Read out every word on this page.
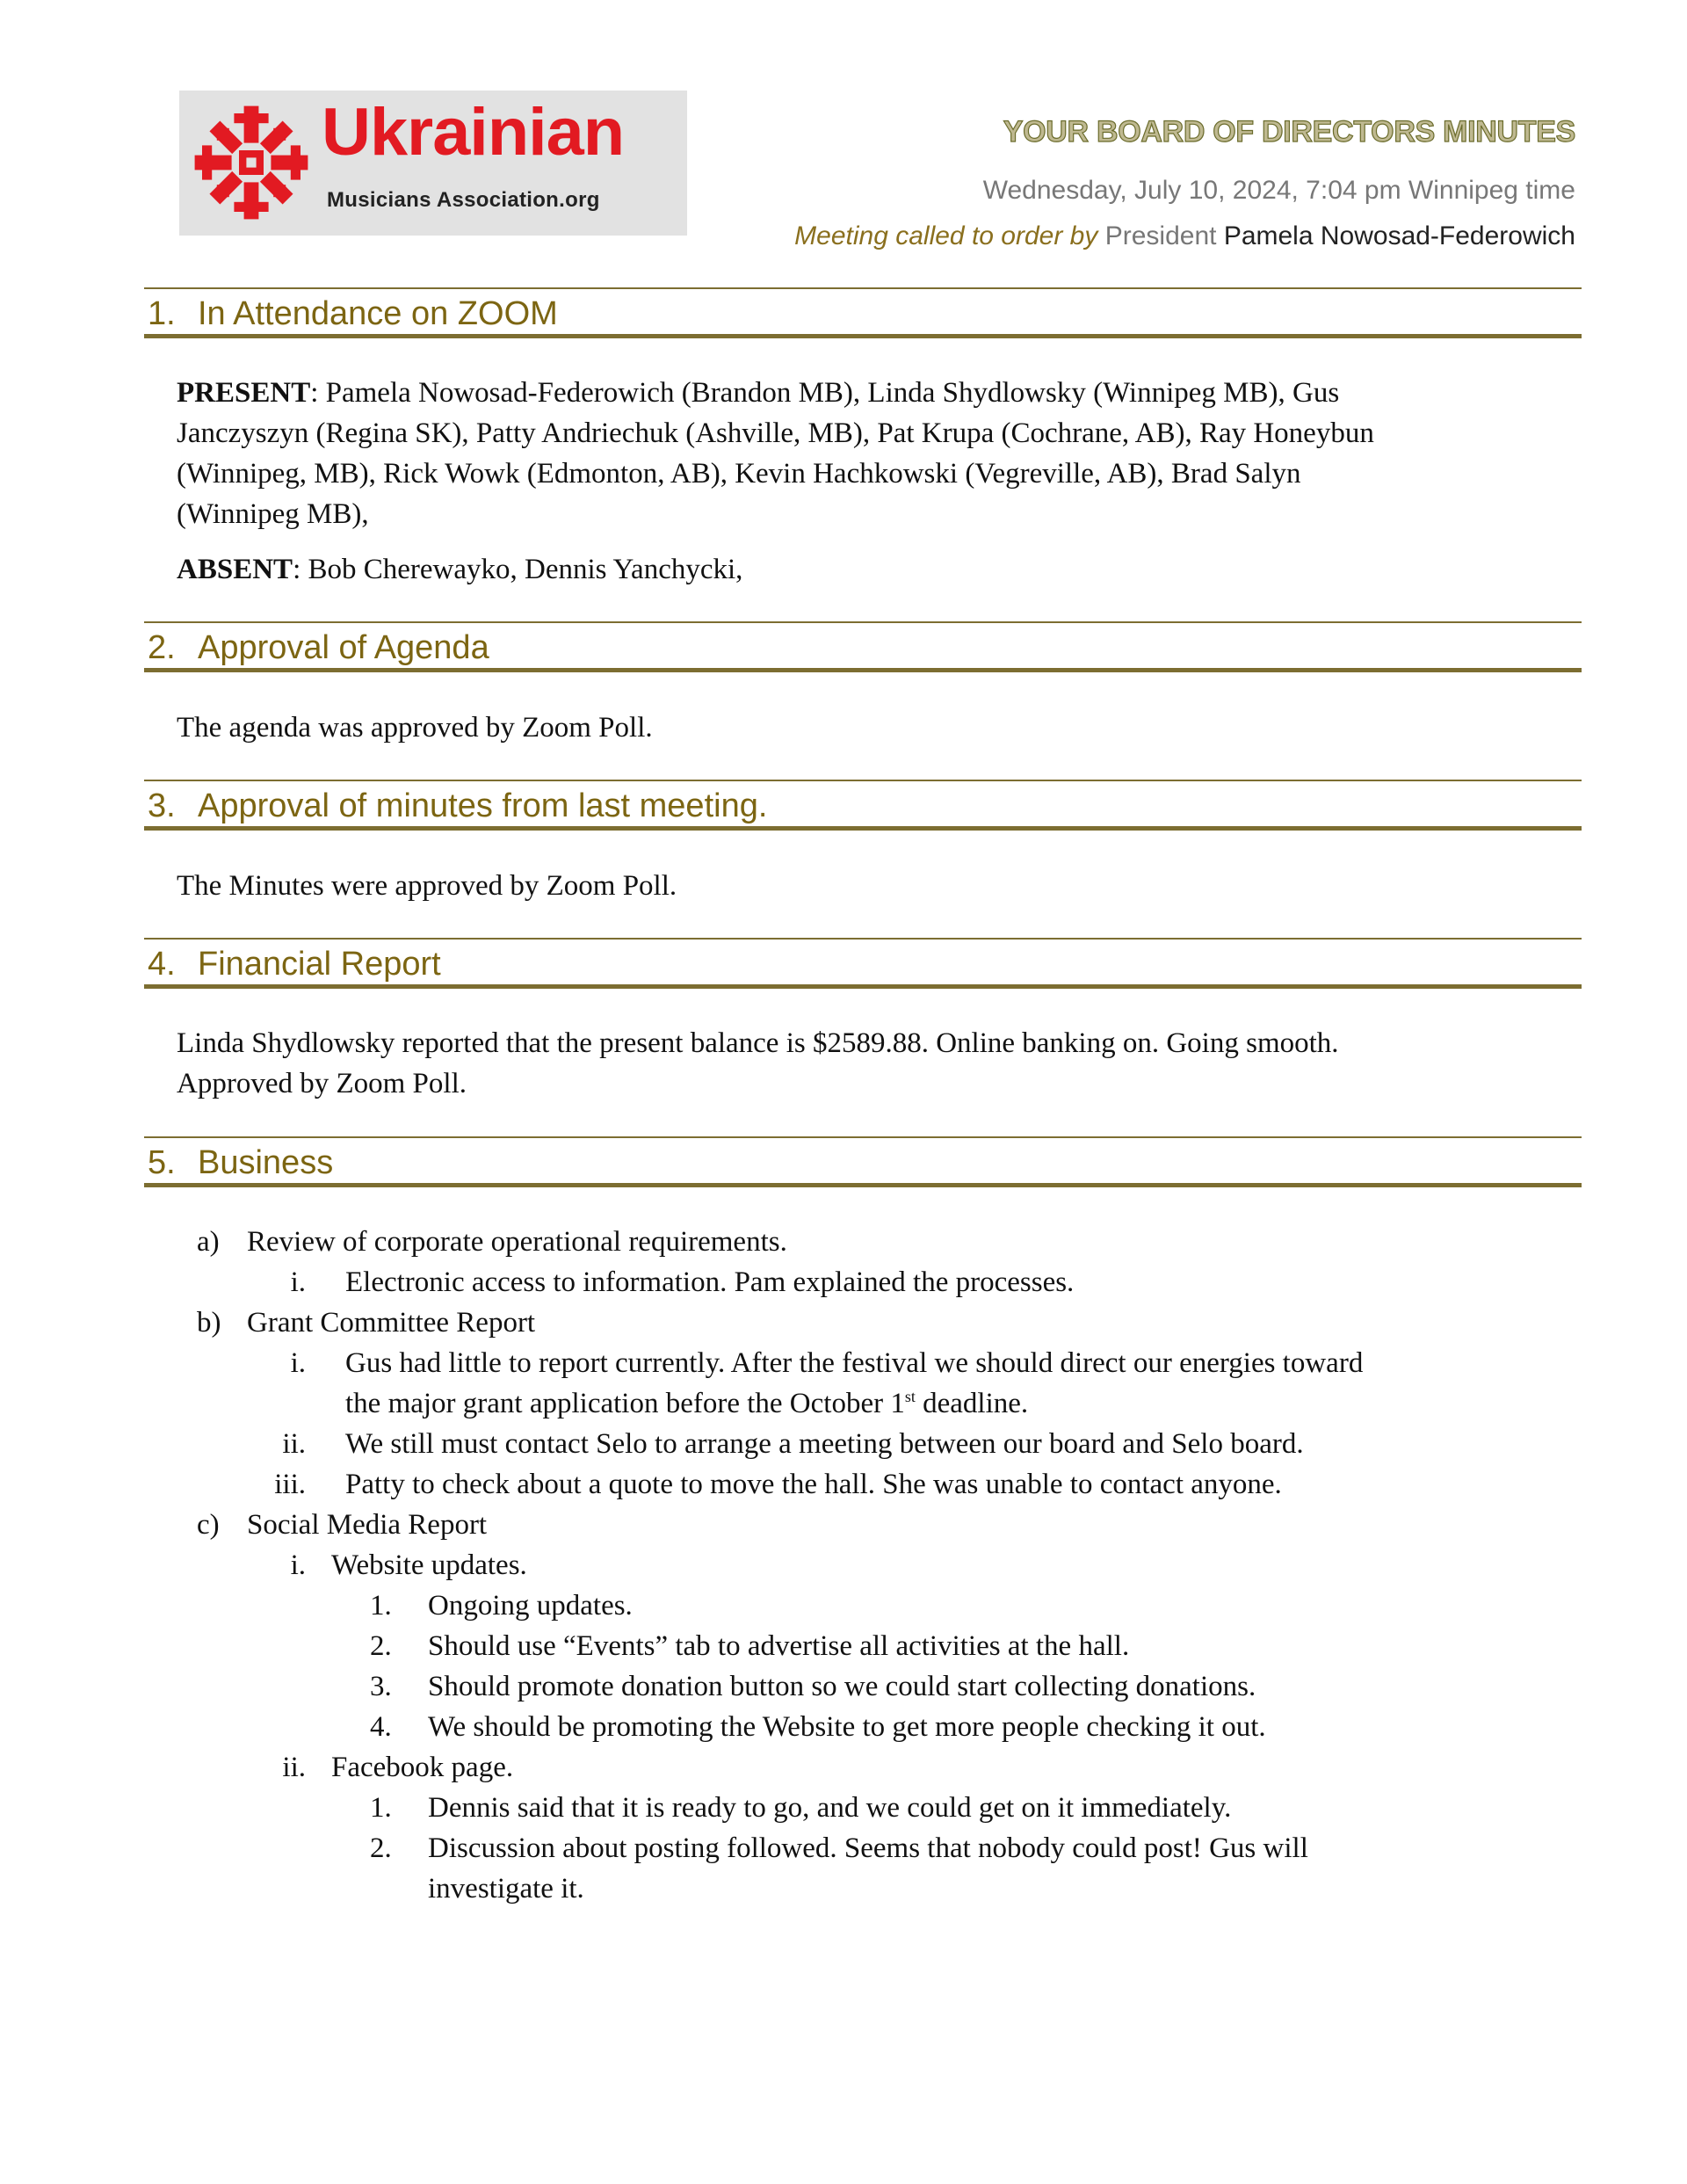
Ukrainian
Musicians Association.org
YOUR BOARD OF DIRECTORS MINUTES
Wednesday, July 10, 2024, 7:04 pm Winnipeg time
Meeting called to order by President Pamela Nowosad-Federowich
1. In Attendance on ZOOM
PRESENT: Pamela Nowosad-Federowich (Brandon MB), Linda Shydlowsky (Winnipeg MB), Gus
Janczyszyn (Regina SK), Patty Andriechuk (Ashville, MB), Pat Krupa (Cochrane, AB), Ray Honeybun
(Winnipeg, MB), Rick Wowk (Edmonton, AB), Kevin Hachkowski (Vegreville, AB), Brad Salyn
(Winnipeg MB),
ABSENT: Bob Cherewayko, Dennis Yanchycki,
2. Approval of Agenda
The agenda was approved by Zoom Poll.
3. Approval of minutes from last meeting.
The Minutes were approved by Zoom Poll.
4. Financial Report
Linda Shydlowsky reported that the present balance is $2589.88. Online banking on. Going smooth.
Approved by Zoom Poll.
5. Business
a) Review of corporate operational requirements.
i. Electronic access to information. Pam explained the processes.
b) Grant Committee Report
i. Gus had little to report currently. After the festival we should direct our energies toward
the major grant application before the October 1st deadline.
ii. We still must contact Selo to arrange a meeting between our board and Selo board.
iii. Patty to check about a quote to move the hall. She was unable to contact anyone.
c) Social Media Report
i. Website updates.
1. Ongoing updates.
2. Should use “Events” tab to advertise all activities at the hall.
3. Should promote donation button so we could start collecting donations.
4. We should be promoting the Website to get more people checking it out.
ii. Facebook page.
1. Dennis said that it is ready to go, and we could get on it immediately.
2. Discussion about posting followed. Seems that nobody could post! Gus will
investigate it.
